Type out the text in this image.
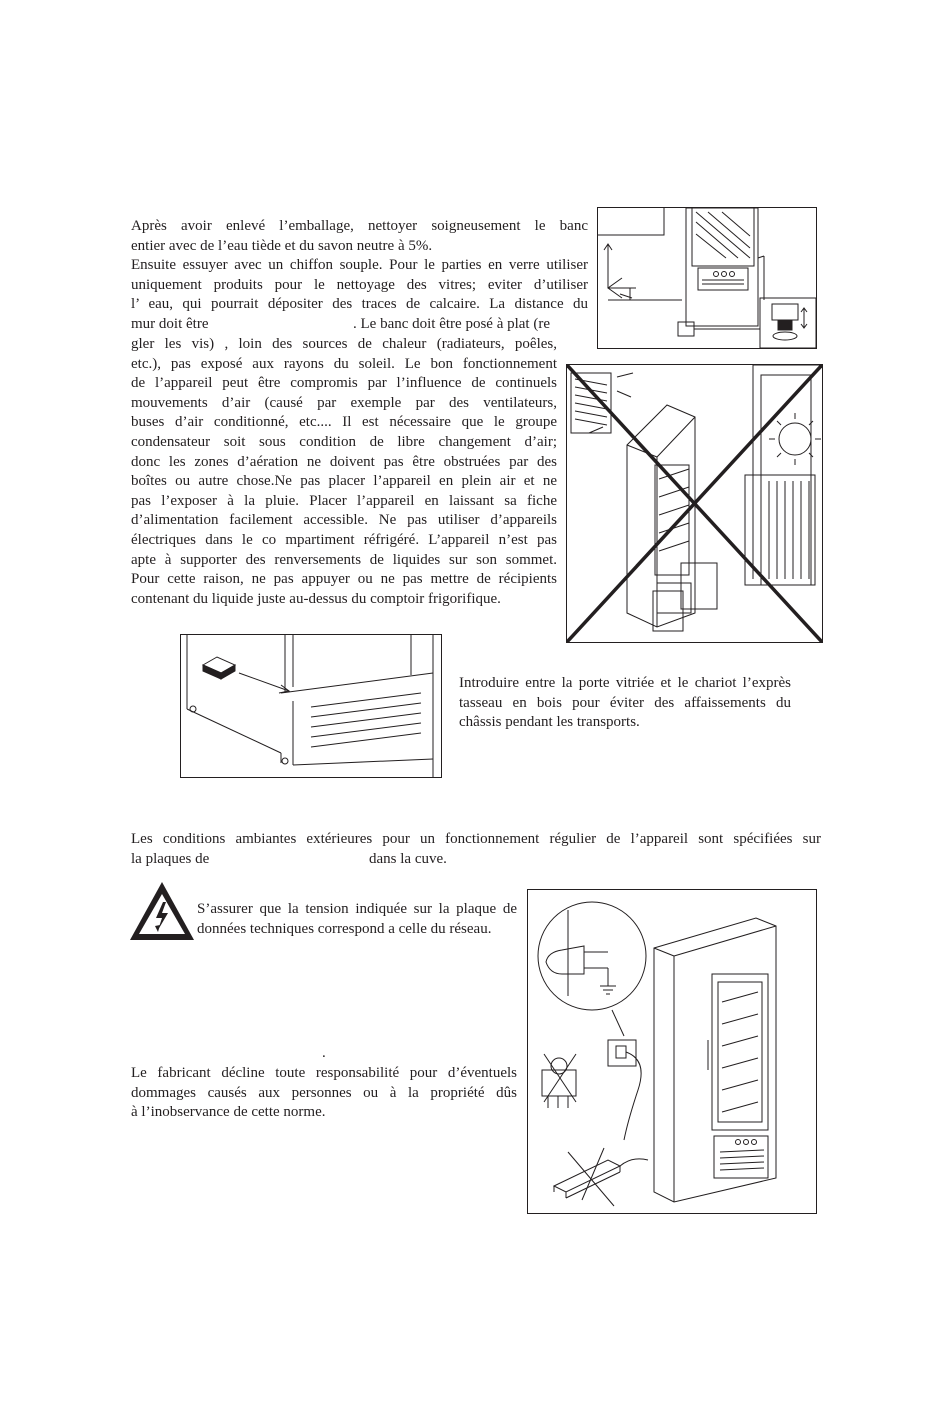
Après avoir enlevé l’emballage, nettoyer soigneusement le banc
entier avec de l’eau tiède et du savon neutre à 5%.
Ensuite essuyer avec un chiffon souple. Pour le parties en verre utiliser
uniquement produits pour le nettoyage des vitres; eviter d’utiliser
l’ eau, qui pourrait dépositer des traces de calcaire. La distance du
mur doit être	. Le banc doit être posé à plat (re
gler les vis) , loin des sources de chaleur (radiateurs, poêles,
etc.), pas exposé aux rayons du soleil. Le bon fonctionnement
de l’appareil peut être compromis par l’influence de continuels
mouvements d’air (causé par exemple par des ventilateurs,
buses d’air conditionné, etc.... Il est nécessaire que le groupe
condensateur soit sous condition de libre changement d’air;
donc les zones d’aération ne doivent pas être obstruées par des
boîtes ou autre chose.Ne pas placer l’appareil en plein air et ne
pas l’exposer à la pluie. Placer l’appareil en laissant sa fiche
d’alimentation facilement accessible. Ne pas utiliser d’appareils
électriques dans le co mpartiment réfrigéré. L’appareil n’est pas
apte à supporter des renversements de liquides sur son sommet.
Pour cette raison, ne pas appuyer ou ne pas mettre de récipients
contenant du liquide juste au-dessus du comptoir frigorifique.
Introduire entre la porte vitriée et le chariot l’exprès
tasseau en bois pour éviter des affaissements du
châssis pendant les transports.
Les conditions ambiantes extérieures pour un fonctionnement régulier de l’appareil sont spécifiées sur
la plaques de	dans la cuve.
S’assurer que la tension indiquée sur la plaque de
données techniques correspond a celle du réseau.
.
Le fabricant décline toute responsabilité pour d’éventuels
dommages causés aux personnes ou à la propriété dûs
à l’inobservance de cette norme.
